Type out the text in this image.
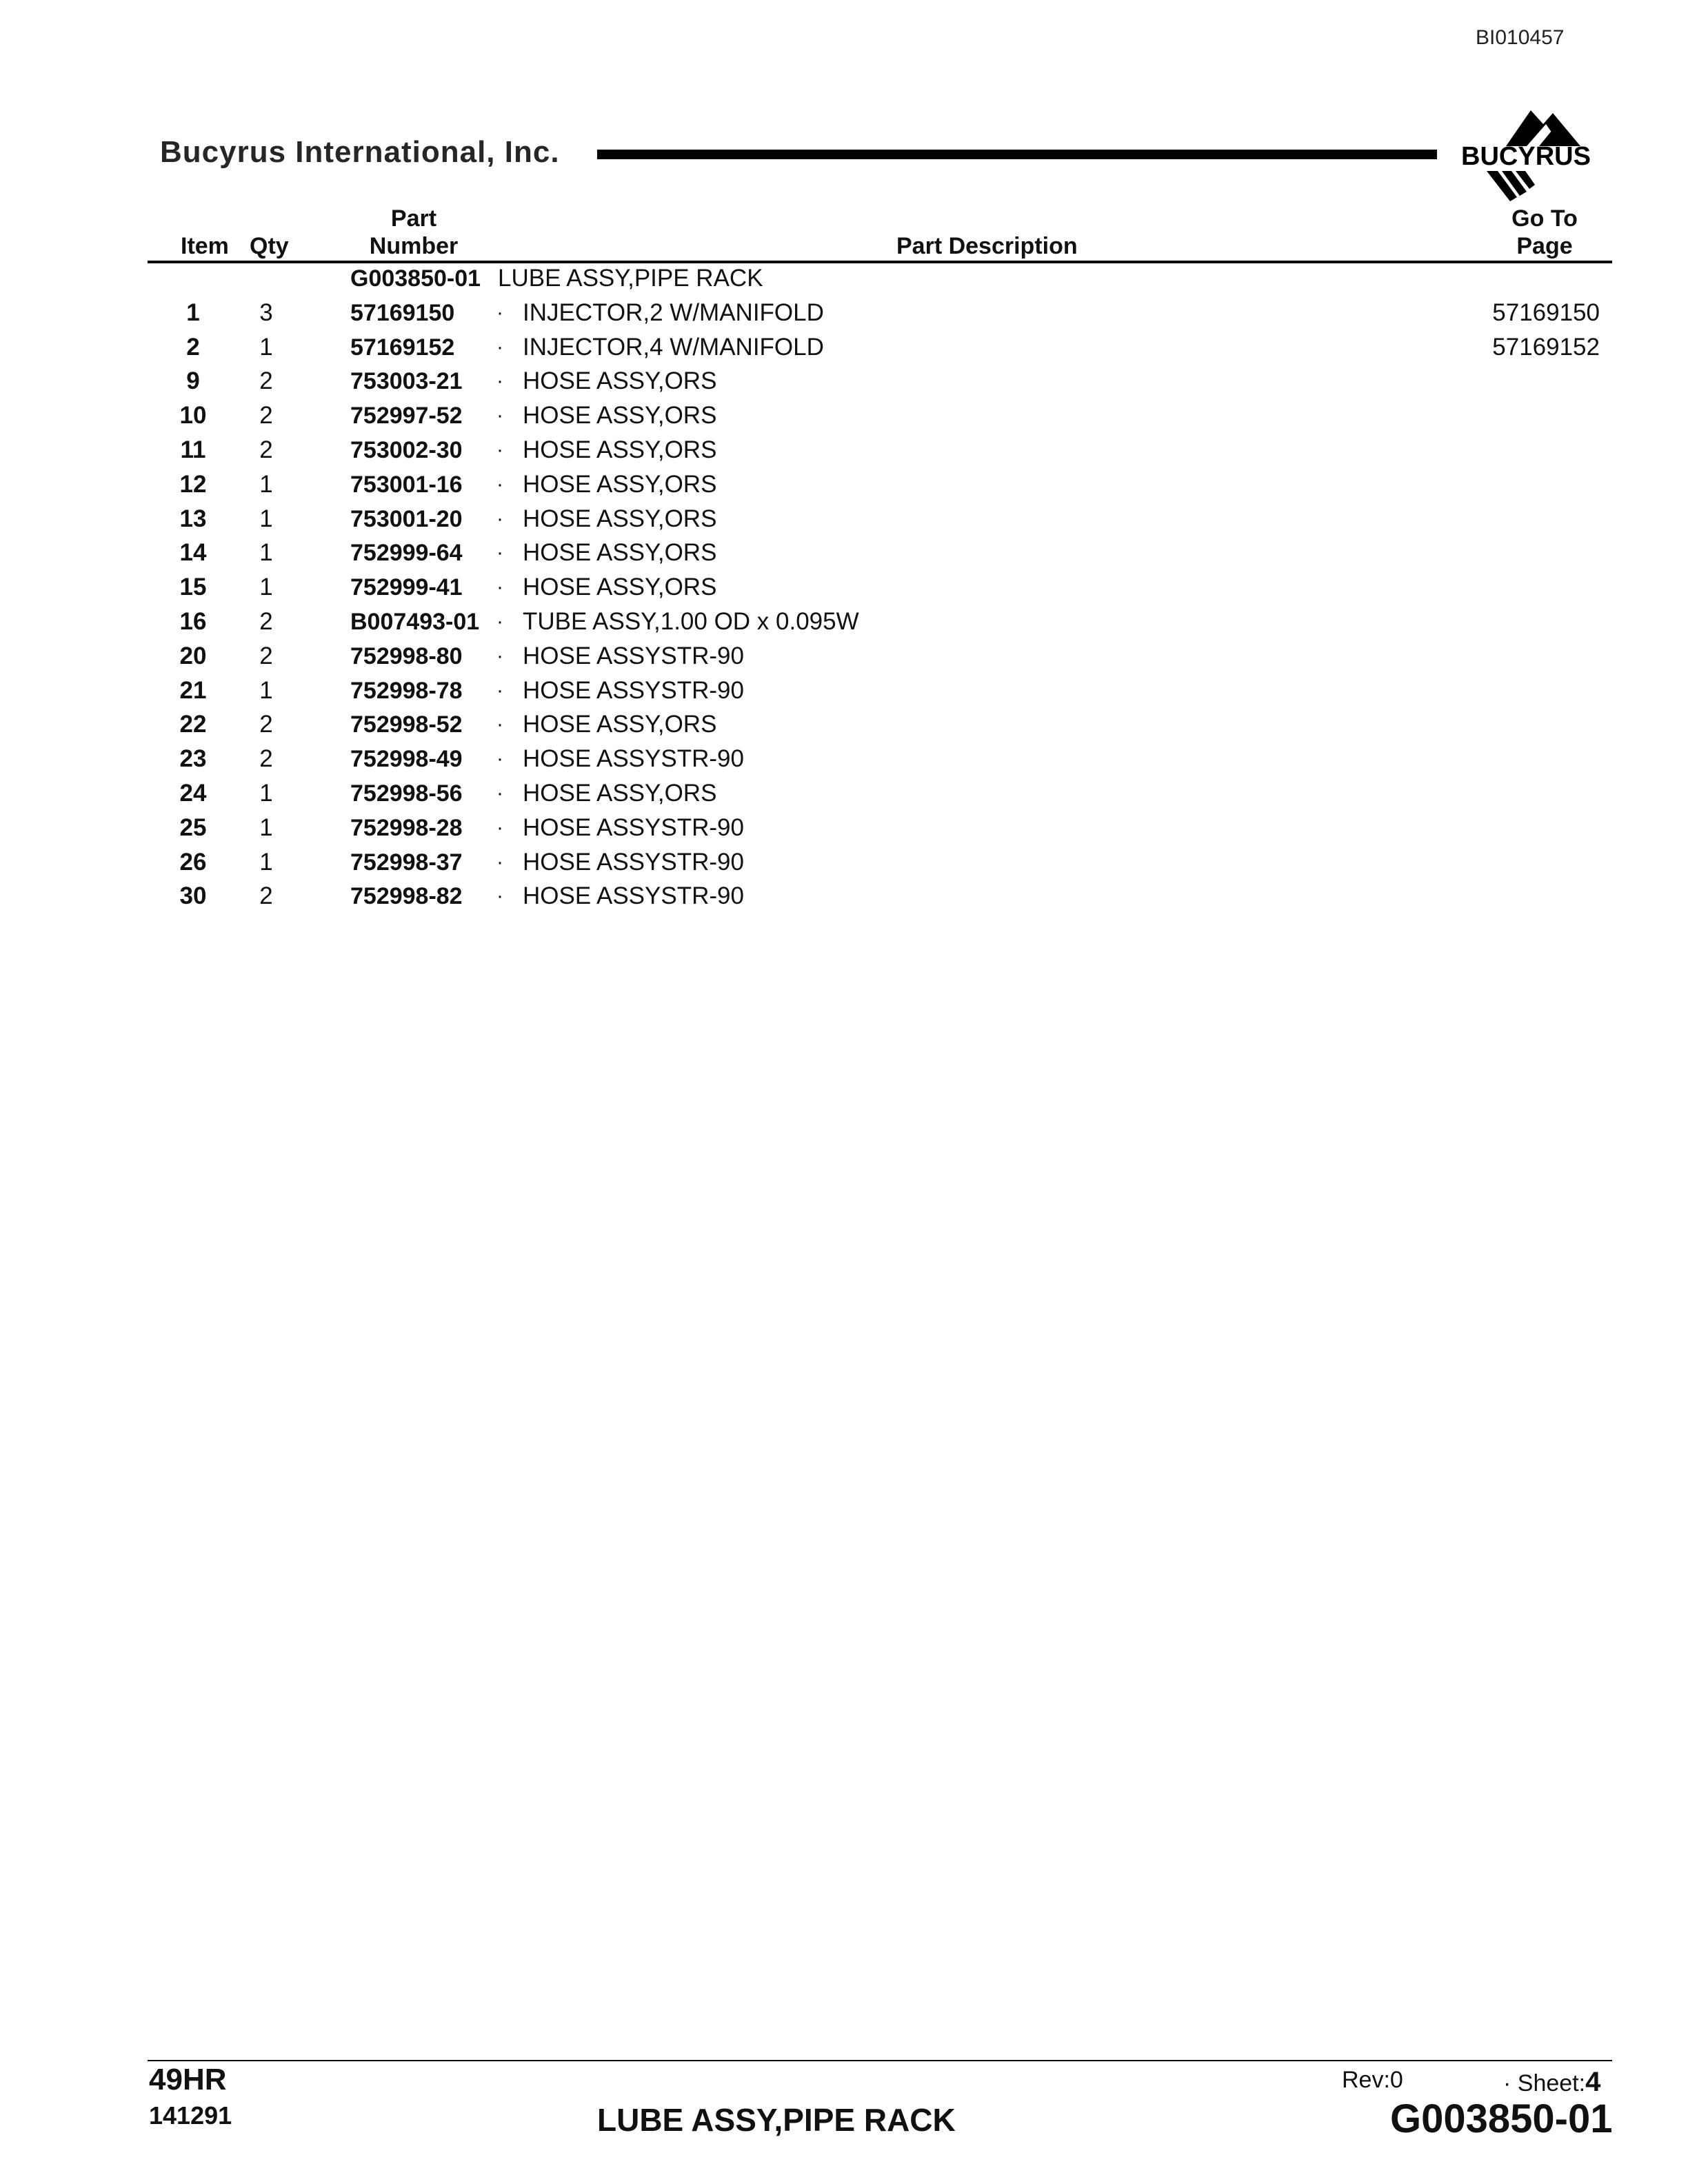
BI010457
Bucyrus International, Inc.	BUCYRUS
Item Qty
Part
Number	Part Description
Go To
Page
G003850-01 LUBE ASSY,PIPE RACK
1	3	57169150 · INJECTOR,2 W/MANIFOLD	57169150
2	1	57169152 · INJECTOR,4 W/MANIFOLD	57169152
9	2	753003-21 · HOSE ASSY,ORS
10	2	752997-52 · HOSE ASSY,ORS
11	2	753002-30 · HOSE ASSY,ORS
12	1	753001-16 · HOSE ASSY,ORS
13	1	753001-20 · HOSE ASSY,ORS
14	1	752999-64 · HOSE ASSY,ORS
15	1	752999-41 · HOSE ASSY,ORS
16	2	B007493-01 · TUBE ASSY,1.00 OD x 0.095W
20	2	752998-80 · HOSE ASSYSTR-90
21	1	752998-78 · HOSE ASSYSTR-90
22	2	752998-52 · HOSE ASSY,ORS
23	2	752998-49 · HOSE ASSYSTR-90
24	1	752998-56 · HOSE ASSY,ORS
25	1	752998-28 · HOSE ASSYSTR-90
26	1	752998-37 · HOSE ASSYSTR-90
30	2	752998-82 · HOSE ASSYSTR-90
49HR
141291	LUBE ASSY,PIPE RACK
Rev:0	· Sheet:4
G003850-01
